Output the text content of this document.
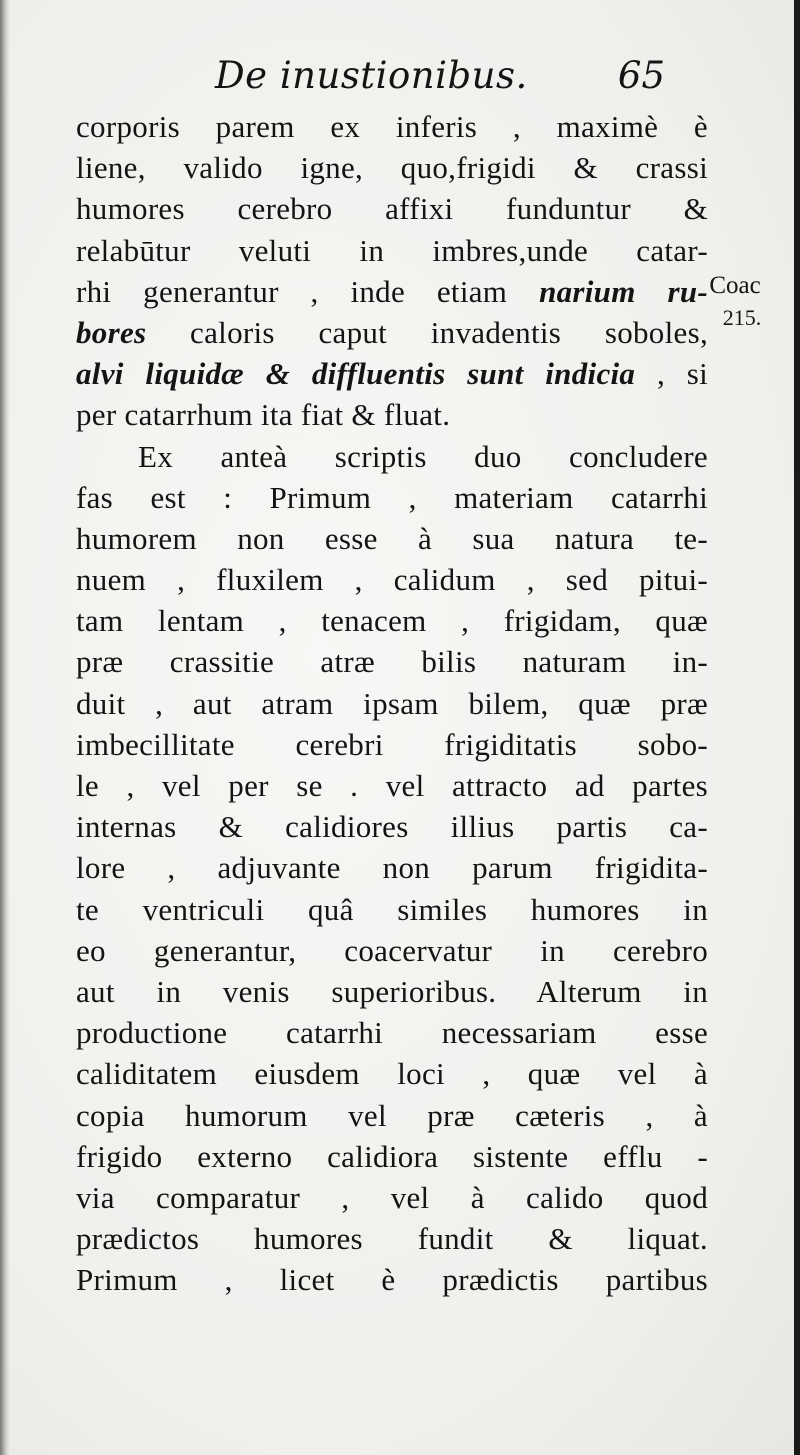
De inustionibus. 65
corporis parem ex inferis , maximè è
liene, valido igne, quo,frigidi & crassi
humores cerebro affixi funduntur &
relabūtur veluti in imbres,unde catar-
rhi generantur , inde etiam narium ru-
bores caloris caput invadentis soboles,
alvi liquidæ & diffluentis sunt indicia , si
per catarrhum ita fiat & fluat.
Ex anteà scriptis duo concludere
fas est : Primum , materiam catarrhi
humorem non esse à sua natura te-
nuem , fluxilem , calidum , sed pitui-
tam lentam , tenacem , frigidam, quæ
præ crassitie atræ bilis naturam in-
duit , aut atram ipsam bilem, quæ præ
imbecillitate cerebri frigiditatis sobo-
le , vel per se . vel attracto ad partes
internas & calidiores illius partis ca-
lore , adjuvante non parum frigidita-
te ventriculi quâ similes humores in
eo generantur, coacervatur in cerebro
aut in venis superioribus. Alterum in
productione catarrhi necessariam esse
caliditatem eiusdem loci , quæ vel à
copia humorum vel præ cæteris , à
frigido externo calidiora sistente efflu -
via comparatur , vel à calido quod
prædictos humores fundit & liquat.
Primum , licet è prædictis partibus
Coac
215.
